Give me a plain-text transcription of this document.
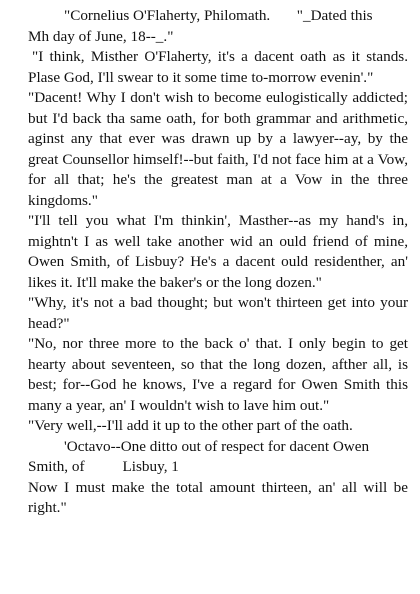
"Cornelius O'Flaherty, Philomath.       "_Dated this
Mh day of June, 18--_."

"I think, Misther O'Flaherty, it's a dacent oath as it stands. Plase God, I'll swear to it some time to-morrow evenin'."

"Dacent! Why I don't wish to become eulogistically addicted; but I'd back tha same oath, for both grammar and arithmetic, aginst any that ever was drawn up by a lawyer--ay, by the great Counsellor himself!--but faith, I'd not face him at a Vow, for all that; he's the greatest man at a Vow in the three kingdoms."

"I'll tell you what I'm thinkin', Masther--as my hand's in, mightn't I as well take another wid an ould friend of mine, Owen Smith, of Lisbuy? He's a dacent ould residenther, an' likes it. It'll make the baker's or the long dozen."

"Why, it's not a bad thought; but won't thirteen get into your head?"

"No, nor three more to the back o' that. I only begin to get hearty about seventeen, so that the long dozen, afther all, is best; for--God he knows, I've a regard for Owen Smith this many a year, an' I wouldn't wish to lave him out."

"Very well,--I'll add it up to the other part of the oath.

'Octavo--One ditto out of respect for dacent Owen
Smith, of          Lisbuy, 1

Now I must make the total amount thirteen, an' all will be right."
